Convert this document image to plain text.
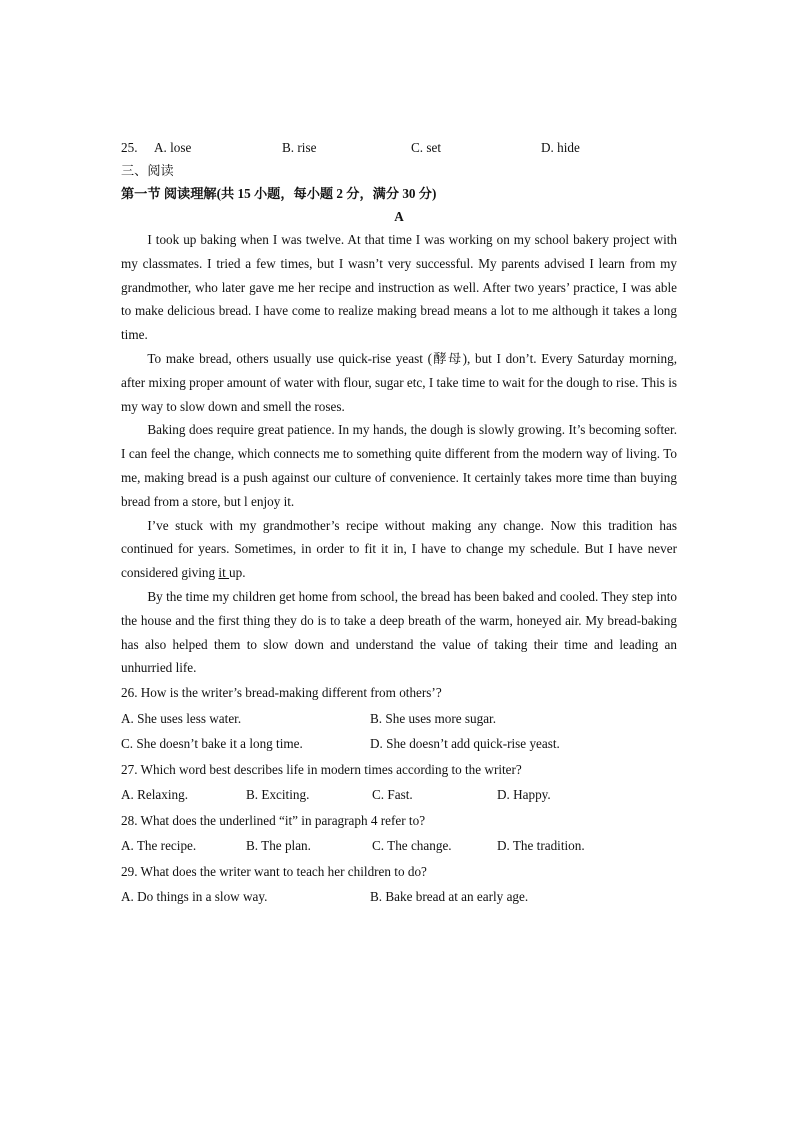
25. A. lose	B. rise	C. set	D. hide
三、阅读
第一节 阅读理解(共 15 小题，每小题 2 分，满分 30 分)
A

I took up baking when I was twelve. At that time I was working on my school bakery project with my classmates. I tried a few times, but I wasn’t very successful. My parents advised I learn from my grandmother, who later gave me her recipe and instruction as well. After two years’ practice, I was able to make delicious bread. I have come to realize making bread means a lot to me although it takes a long time.

To make bread, others usually use quick-rise yeast (酵母), but I don’t. Every Saturday morning, after mixing proper amount of water with flour, sugar etc, I take time to wait for the dough to rise. This is my way to slow down and smell the roses.

Baking does require great patience. In my hands, the dough is slowly growing. It’s becoming softer. I can feel the change, which connects me to something quite different from the modern way of living. To me, making bread is a push against our culture of convenience. It certainly takes more time than buying bread from a store, but l enjoy it.

I’ve stuck with my grandmother’s recipe without making any change. Now this tradition has continued for years. Sometimes, in order to fit it in, I have to change my schedule. But I have never considered giving it up.

By the time my children get home from school, the bread has been baked and cooled. They step into the house and the first thing they do is to take a deep breath of the warm, honeyed air. My bread-baking has also helped them to slow down and understand the value of taking their time and leading an unhurried life.

26. How is the writer’s bread-making different from others’?
A. She uses less water.	B. She uses more sugar.
C. She doesn’t bake it a long time.	D. She doesn’t add quick-rise yeast.
27. Which word best describes life in modern times according to the writer?
A. Relaxing.	B. Exciting.	C. Fast.	D. Happy.
28. What does the underlined “it” in paragraph 4 refer to?
A. The recipe.	B. The plan.	C. The change.	D. The tradition.
29. What does the writer want to teach her children to do?
A. Do things in a slow way.	B. Bake bread at an early age.
